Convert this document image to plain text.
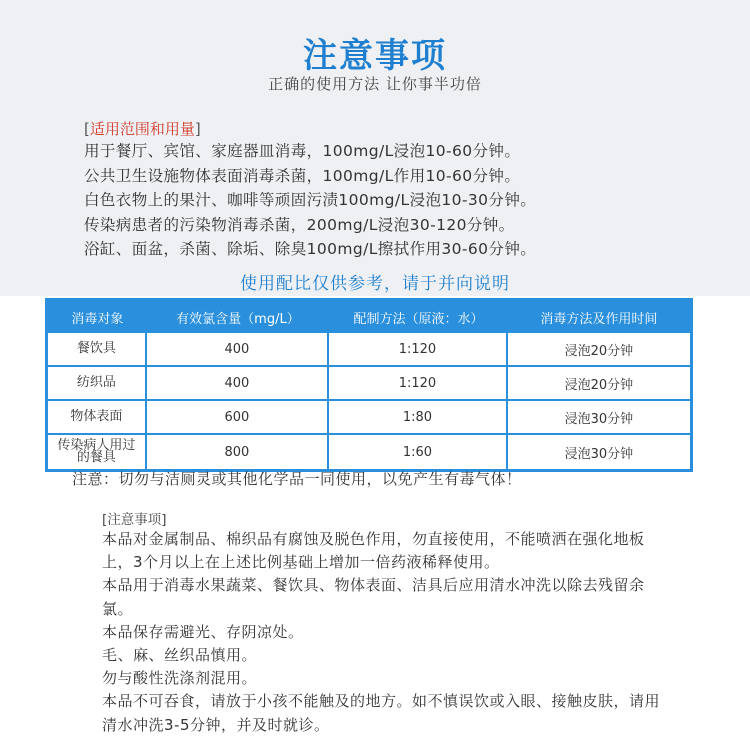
注意事项
正确的使用方法 让你事半功倍
[适用范围和用量]
用于餐厅、宾馆、家庭器皿消毒，100mg/L浸泡10-60分钟。
公共卫生设施物体表面消毒杀菌，100mg/L作用10-60分钟。
白色衣物上的果汁、咖啡等顽固污渍100mg/L浸泡10-30分钟。
传染病患者的污染物消毒杀菌，200mg/L浸泡30-120分钟。
浴缸、面盆，杀菌、除垢、除臭100mg/L擦拭作用30-60分钟。
使用配比仅供参考，请于并向说明
消毒对象	有效氯含量（mg/L）	配制方法（原液：水）	消毒方法及作用时间
餐饮具	400	1:120	浸泡20分钟
纺织品	400	1:120	浸泡20分钟
物体表面	600	1:80	浸泡30分钟
传染病人用过的餐具	800	1:60	浸泡30分钟
注意：切勿与洁厕灵或其他化学品一同使用，以免产生有毒气体！
[注意事项]
本品对金属制品、棉织品有腐蚀及脱色作用，勿直接使用，不能喷洒在强化地板上，3个月以上在上述比例基础上增加一倍药液稀释使用。
本品用于消毒水果蔬菜、餐饮具、物体表面、洁具后应用清水冲洗以除去残留余氯。
本品保存需避光、存阴凉处。
毛、麻、丝织品慎用。
勿与酸性洗涤剂混用。
本品不可吞食，请放于小孩不能触及的地方。如不慎误饮或入眼、接触皮肤，请用清水冲洗3-5分钟，并及时就诊。
